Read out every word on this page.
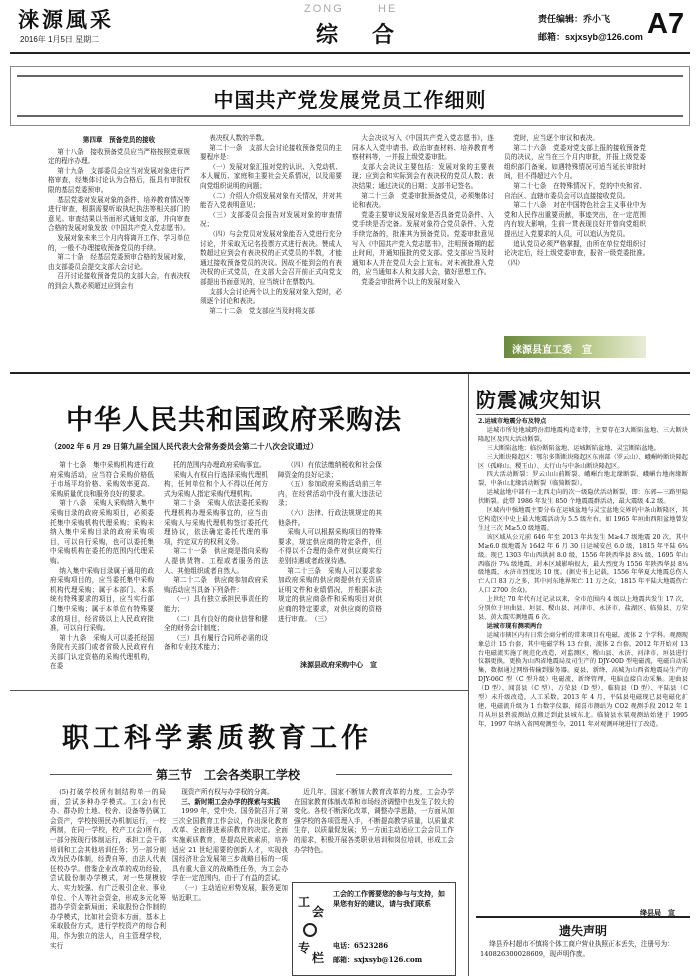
涞源風采
2016年 1月5日 星期二
ZONG	HE
综 合
责任编辑：乔小飞
邮箱：sxjxsyb@126.com A7
中国共产党发展党员工作细则

第四章　预备党员的接收

第十八条　接收预备党员应当严格按照党章规定的程序办理。

第十九条　支部委员会应当对发展对象进行严格审查，经集体讨论认为合格后，报具有审批权限的基层党委预审。

基层党委对发展对象的条件、培养教育情况等进行审查，根据需要听取执纪执法等相关部门的意见。审查结果以书面形式通知支部，并向审查合格的发展对象发放《中国共产党入党志愿书》。

发展对象未来三个月内将离开工作、学习单位的，一般不办理接收预备党员的手续。

第二十条　经基层党委预审合格的发展对象，由支部委员会提交支部大会讨论。

召开讨论接收预备党员的支部大会，有表决权的到会人数必须超过应到会有

表决权人数的半数。

第二十一条　支部大会讨论接收预备党员的主要程序是：

（一）发展对象汇报对党的认识、入党动机、本人履历、家庭和主要社会关系情况，以及需要向党组织说明的问题；

（二）介绍人介绍发展对象有关情况，并对其能否入党表明意见；

（三）支部委员会报告对发展对象的审查情况；

（四）与会党员对发展对象能否入党进行充分讨论，并采取无记名投票方式进行表决。赞成人数超过应到会有表决权的正式党员的半数，才能通过接收预备党员的决议。因故不能到会的有表决权的正式党员，在支部大会召开前正式向党支部提出书面意见的，应当统计在票数内。

支部大会讨论两个以上的发展对象入党时，必须逐个讨论和表决。

第二十二条　党支部应当及时将支部

大会决议写入《中国共产党入党志愿书》，连同本人入党申请书、政治审查材料、培养教育考察材料等，一并报上级党委审批。

支部大会决议主要包括：发展对象的主要表现；应到会和实际到会有表决权的党员人数；表决结果；通过决议的日期；支部书记签名。

第二十三条　党委审批预备党员，必须集体讨论和表决。

党委主要审议发展对象是否具备党员条件、入党手续是否完备。发展对象符合党员条件、入党手续完备的，批准其为预备党员。党委审批意见写入《中国共产党入党志愿书》，注明预备期的起止时间，并通知报批的党支部。党支部应当及时通知本人并在党员大会上宣布。对未被批准入党的，应当通知本人和支部大会，做好思想工作。

党委会审批两个以上的发展对象入

党时，应当逐个审议和表决。

第二十六条　党委对党支部上报的接收预备党员的决议，应当在三个月内审批，并报上级党委组织部门备案。如遇特殊情况可适当延长审批时间，但不得超过六个月。

第二十七条　在特殊情况下，党的中央和省、自治区、直辖市委员会可以直接接收党员。

第二十八条　对在中国特色社会主义事业中为党和人民作出重要贡献，事迹突出，在一定范围内有较大影响，生前一贯表现良好并曾向党组织提出过入党要求的人员，可以追认为党员。

追认党员必须严格掌握，由所在单位党组织讨论决定后，经上级党委审查，报省一级党委批准。　　（四）

涞源县直工委　宣
中华人民共和国政府采购法
（2002 年 6 月 29 日第九届全国人民代表大会常务委员会第二十八次会议通过）

第十七条　集中采购机构进行政府采购活动，应当符合采购价格低于市场平均价格、采购效率更高、采购质量优良和服务良好的要求。

第十八条　采购人采购纳入集中采购目录的政府采购项目，必须委托集中采购机构代理采购；采购未纳入集中采购目录的政府采购项目，可以自行采购，也可以委托集中采购机构在委托的范围内代理采购。

纳入集中采购目录属于通用的政府采购项目的，应当委托集中采购机构代理采购；属于本部门、本系统有特殊要求的项目，应当实行部门集中采购；属于本单位有特殊要求的项目，经省级以上人民政府批准，可以自行采购。

第十九条　采购人可以委托经国务院有关部门或者省级人民政府有关部门认定资格的采购代理机构，在委

托的范围内办理政府采购事宜。

采购人有权自行选择采购代理机构，任何单位和个人不得以任何方式为采购人指定采购代理机构。

第二十条　采购人依法委托采购代理机构办理采购事宜的，应当由采购人与采购代理机构签订委托代理协议，依法确定委托代理的事项，约定双方的权利义务。

第二十一条　供应商是指向采购人提供货物、工程或者服务的法人、其他组织或者自然人。

第二十二条　供应商参加政府采购活动应当具备下列条件：

（一）具有独立承担民事责任的能力；

（二）具有良好的商业信誉和健全的财务会计制度；

（三）具有履行合同所必需的设备和专业技术能力；

（四）有依法缴纳税收和社会保障资金的良好记录；

（五）参加政府采购活动前三年内，在经营活动中没有重大违法记录；

（六）法律、行政法规规定的其他条件。

采购人可以根据采购项目的特殊要求，规定供应商的特定条件，但不得以不合理的条件对供应商实行差别待遇或者歧视待遇。

第二十三条　采购人可以要求参加政府采购的供应商提供有关资质证明文件和业绩情况，并根据本法规定的供应商条件和采购项目对供应商的特定要求，对供应商的资格进行审查。　（三）

涞源县政府采购中心　宣
防震减灾知识

2.运城市地震分布及特点

运城市所处地域跨汾渭地震构造亚带，主要存在3大断陷盆地、三大断块隆起区及四大活动断裂。

三大断陷盆地：临汾断陷盆地、运城断陷盆地、灵宝断陷盆地。

三大断块隆起区：鄂尔多斯断块隆起区东南部（罗云山）、峨嵋岭断块隆起区（孤峰山、稷王山）、太行山与中条山断块隆起区。

四大活动断裂：罗云山山前断裂、峨嵋台地北缘断裂、峨嵋台地南缘断裂、中条山北缘活动断裂（临猗断裂）。

运城盆地中部有一北西走向的次一级隐伏活动断裂，即：东郭—三路里隐伏断裂。此带 1986 年发生 850 个地震震群活动，最大震级 4.2 级。

区域内中强地震主要分布在运城盆地与灵宝盆地交界的中条山断隆区，其它构造区中史上最大地震活动为 5.5 级左右。如 1965 年垣曲西阳盆地曾发生过三次 M≥5.0 级地震。

该区域从公元前 646 年至 2013 年共发生 M≥4.7 级地震 20 次，其中 M≥6.0 级地震为 1642 年 6 月 30 日运城安邑 6.0 级，1815 年平陆 6¾ 级。现已 1303 年山西洪洞 8.0 级，1556 年陕西华县 8¼ 级、1695 年山西临汾 7¾ 级地震，对本区域影响很大，最大烈度为 1556 年陕西华县 8¼ 级地震，永济市烈度达 10 度。(据史书上记载，1556 年华夏大地震总伤人亡人口 83 万之多，其中河东地界死亡 11 万之众，1815 年平陆大地震伤亡人口 2700 余众)。

上世纪 70 年代有过记录以来，全市范围内 4 级以上地震共发生 17 次，分别位于垣曲县、垣县、稷山县、河津市、永济市、盐湖区、临猗县、万荣县、黄大震实测地震 6 次。

运城市现有测项两台

运城市辖区内有日常会商分析的常来项目有电磁、流体 2 个学科。观测现象总计 15 台套，其中电磁学科 13 台套，流体 2 台套。2012 年开始对 13 台电磁流实施了规范化改造，对监测区，稷山县、永济、河津市、垣县进行仪器更换，更换为山西省地震局及司生产的 DJY-00D 型电磁流，电磁自动采集，数据通过网络传输到服务器。夏县、新绛、高城为山西省地震局生产的 DJY-06C 型（C 型升级）电磁流，新绛管理，电脑直接自动采集。迎曲县（D 型）、闻喜县（C 型）、万荣县（D 型）、临猗县（D 型）、平陆县（C 型）未升级改造，人工采数。2013 年 4 月，平陆县电磁现已县电磁化扩建，电磁流升级为 1 台数字仪器，闻喜市测站为 CO2 观测手段 2012 年 1 月从垣县碧波测站点搬迁到此县城东北。临猗县水氡观测站始建于 1995 年，1997 年纳入省网观测至今，2011 年对观测环境进行了改造。

绛县局　宣
职工科学素质教育工作
第三节　工会各类职工学校

(5)打破学校所有制结构单一的局面，尝试多种办学模式。工(会)有民办、群办的土地、校舍、设备等仍属工会资产，学校按照民办机制运行，一校两制，在同一学校，校产工(会)所有，一部分按现行体制运行，承担工会干部培训和工会其他培训任务；另一部分则改为民办体制，经费自筹，由法人代表任校办学。借鉴企业改革的成功经验，尝试股份制办学模式，对一些规模较大、实力较强、有广泛吸引企业、事业单位、个人等社会资金，形成多元化筹措办学资金新局面；采取股份合作制的办学模式，比如社会资本方面，基本上采取股份方式，进行学校资产的综合利用，作为独立的法人，自主管理学校，实行

现资产所有权与办学权的分离。

三、新时期工会办学的探索与实践

1999 年，党中央、国务院召开了第三次全国教育工作会议，作出深化教育改革、全面推进素质教育的决定。全面实施素质教育，是提高民族素质，培养适应 21 世纪需要的创新人才，实现我国经济社会发展第三步战略目标的一项具有重大意义的战略性任务，为工会办学在一定范围内，由于了有益的尝试。

（一）主动适应形势发展，服务更加贴近职工。

近几年，国家不断加大教育改革的力度，工会办学在国家教育体制改革和市场经济调整中也发生了较大的变化。各校不断深化改革，调整办学思路，一方面从加强学校的各项管理入手，不断提高教学质量，以质量求生存，以质量促发展；另一方面主动适应工会会员工作的需求，积极开展各类职业培训和岗位培训，形成工会办学特色。

工
会
专
栏
工会的工作需要您的参与与支持，如果您有好的建议，请与我们联系
电话：6523286
邮箱：sxjxsyb@126.com
遗失声明
绛县乔村超市不慎将个体工商户营业执照正本丢失，注册号为：140826300028609，现声明作废。
